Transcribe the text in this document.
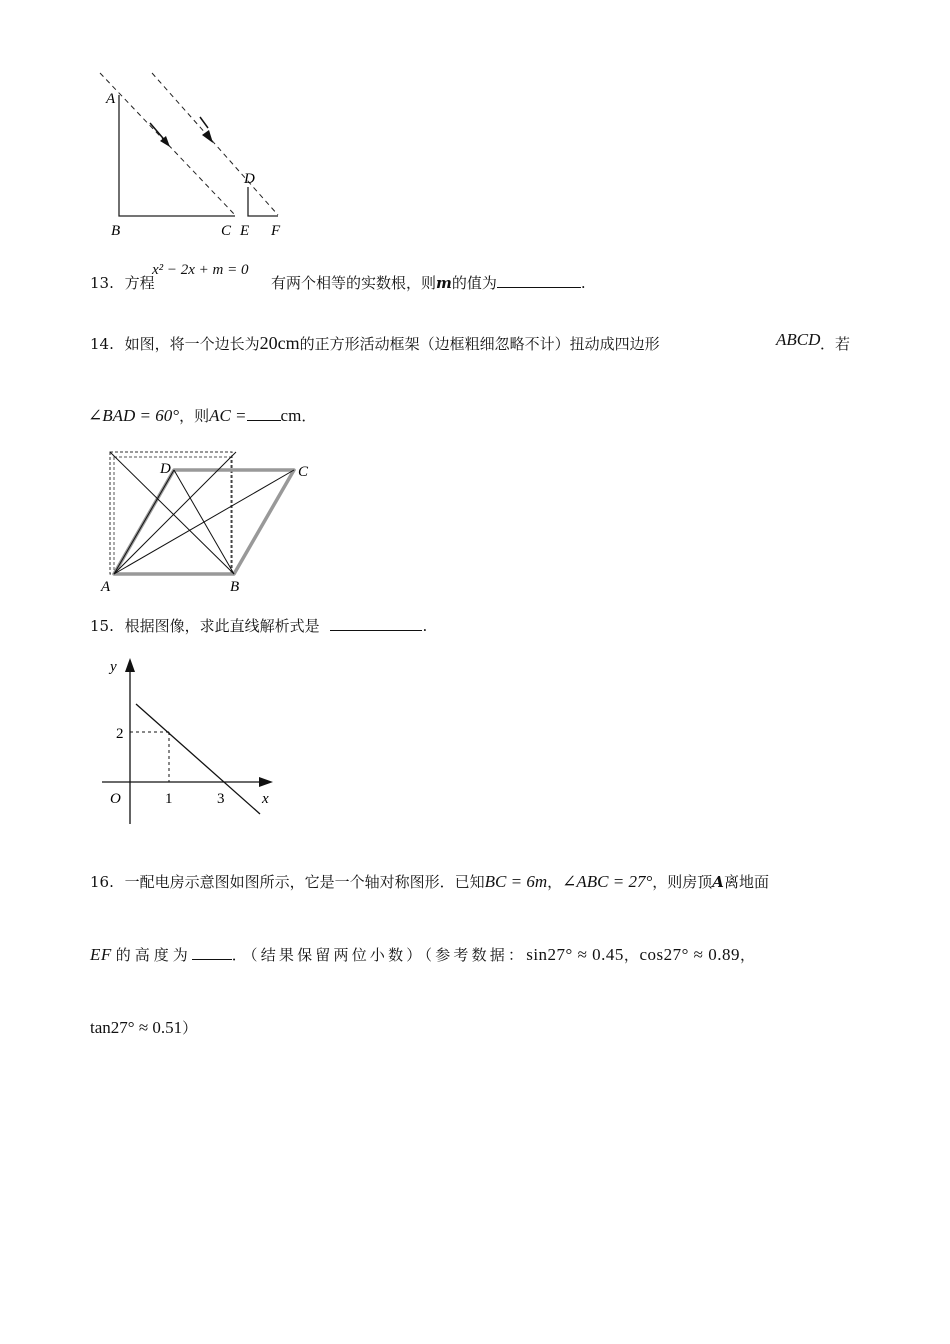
A
B	C
D
E F
13. 方程
x² − 2x + m = 0
有两个相等的实数根，则m的值为	.
14. 如图，将一个边长为20cm的正方形活动框架（边框粗细忽略不计）扭动成四边形	ABCD ．若
∠BAD = 60°，则AC = cm．
A	B
C
D
15. 根据图像，求此直线解析式是	.
y
x
O
2
1	3
16. 一配电房示意图如图所示，它是一个轴对称图形．已知BC = 6m，∠ABC = 27°，则房顶A离地面
EF 的高度为	．（结果保留两位小数）（参考数据：sin27° ≈ 0.45，cos27° ≈ 0.89，
tan27° ≈ 0.51）
